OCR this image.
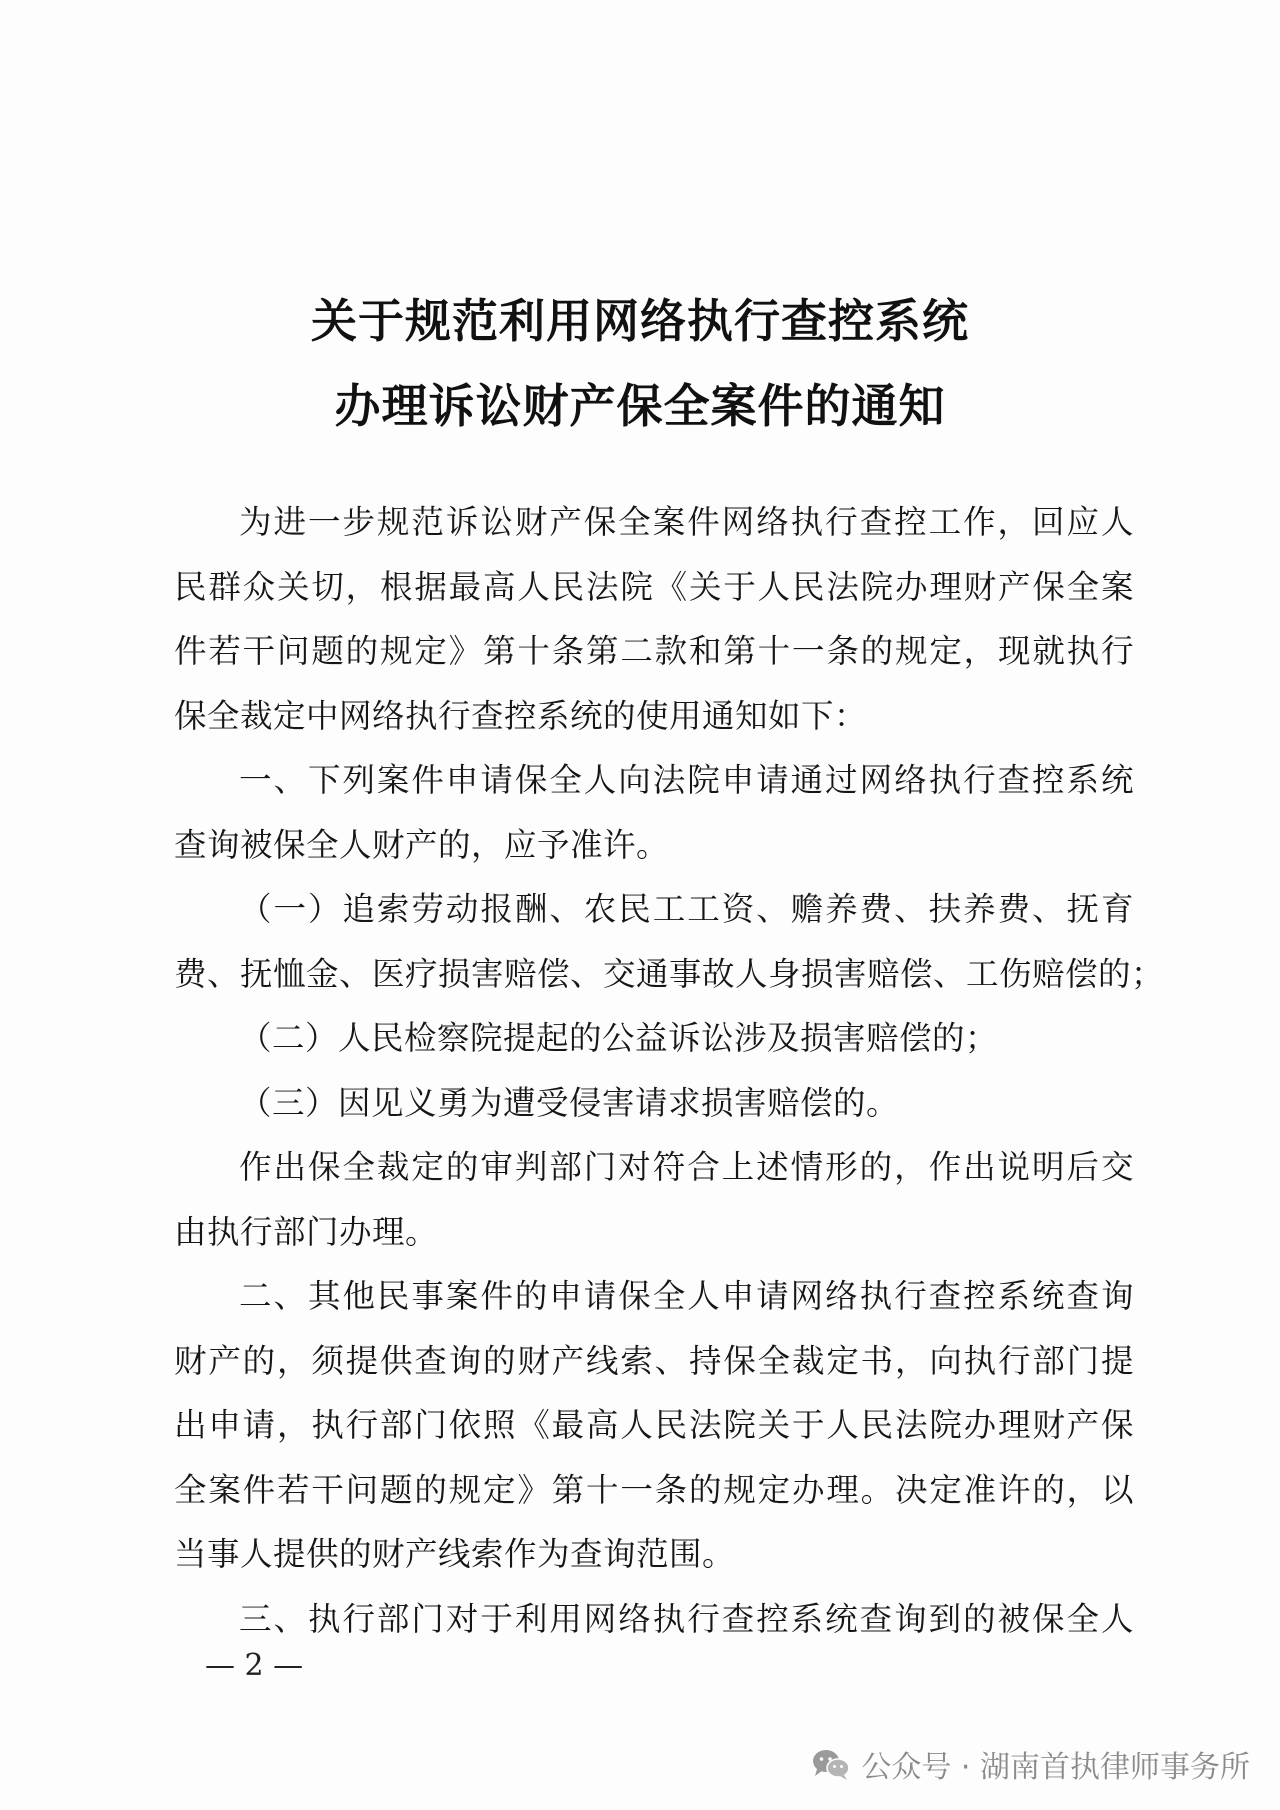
关于规范利用网络执行查控系统
办理诉讼财产保全案件的通知
为进一步规范诉讼财产保全案件网络执行查控工作，回应人
民群众关切，根据最高人民法院《关于人民法院办理财产保全案
件若干问题的规定》第十条第二款和第十一条的规定，现就执行
保全裁定中网络执行查控系统的使用通知如下：
一、下列案件申请保全人向法院申请通过网络执行查控系统
查询被保全人财产的，应予准许。
（一）追索劳动报酬、农民工工资、赡养费、扶养费、抚育
费、抚恤金、医疗损害赔偿、交通事故人身损害赔偿、工伤赔偿的；
（二）人民检察院提起的公益诉讼涉及损害赔偿的；
（三）因见义勇为遭受侵害请求损害赔偿的。
作出保全裁定的审判部门对符合上述情形的，作出说明后交
由执行部门办理。
二、其他民事案件的申请保全人申请网络执行查控系统查询
财产的，须提供查询的财产线索、持保全裁定书，向执行部门提
出申请，执行部门依照《最高人民法院关于人民法院办理财产保
全案件若干问题的规定》第十一条的规定办理。决定准许的，以
当事人提供的财产线索作为查询范围。
三、执行部门对于利用网络执行查控系统查询到的被保全人
— 2 —
公众号 · 湖南首执律师事务所
